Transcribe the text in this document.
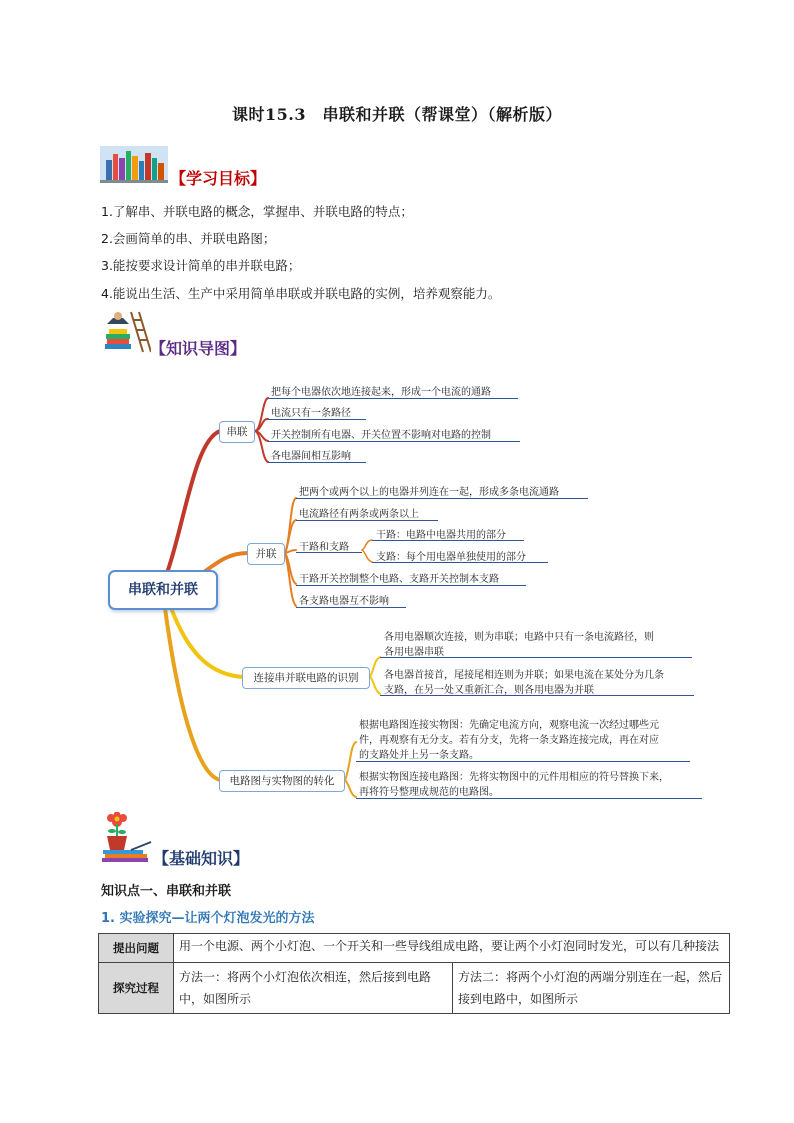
课时15.3　串联和并联（帮课堂）（解析版）
【学习目标】
1.了解串、并联电路的概念，掌握串、并联电路的特点；
2.会画简单的串、并联电路图；
3.能按要求设计简单的串并联电路；
4.能说出生活、生产中采用简单串联或并联电路的实例，培养观察能力。
【知识导图】
串联和并联
串联
把每个电器依次地连接起来，形成一个电流的通路
电流只有一条路径
开关控制所有电器、开关位置不影响对电路的控制
各电器间相互影响
并联
把两个或两个以上的电器并列连在一起，形成多条电流通路
电流路径有两条或两条以上
干路和支路
干路：电路中电器共用的部分
支路：每个用电器单独使用的部分
干路开关控制整个电路、支路开关控制本支路
各支路电器互不影响
连接串并联电路的识别
各用电器顺次连接，则为串联；电路中只有一条电流路径，则
各用电器串联
各电器首接首，尾接尾相连则为并联；如果电流在某处分为几条
支路，在另一处又重新汇合，则各用电器为并联
电路图与实物图的转化
根据电路图连接实物图：先确定电流方向，观察电流一次经过哪些元
件，再观察有无分支。若有分支，先将一条支路连接完成，再在对应
的支路处并上另一条支路。
根据实物图连接电路图：先将实物图中的元件用相应的符号替换下来，
再将符号整理成规范的电路图。
【基础知识】
知识点一、串联和并联
1. 实验探究—让两个灯泡发光的方法
提出问题	用一个电源、两个小灯泡、一个开关和一些导线组成电路，要让两个小灯泡同时发光，可以有几种接法	
探究过程	方法一：将两个小灯泡依次相连，然后接到电路中，如图所示	方法二：将两个小灯泡的两端分别连在一起，然后接到电路中，如图所示
